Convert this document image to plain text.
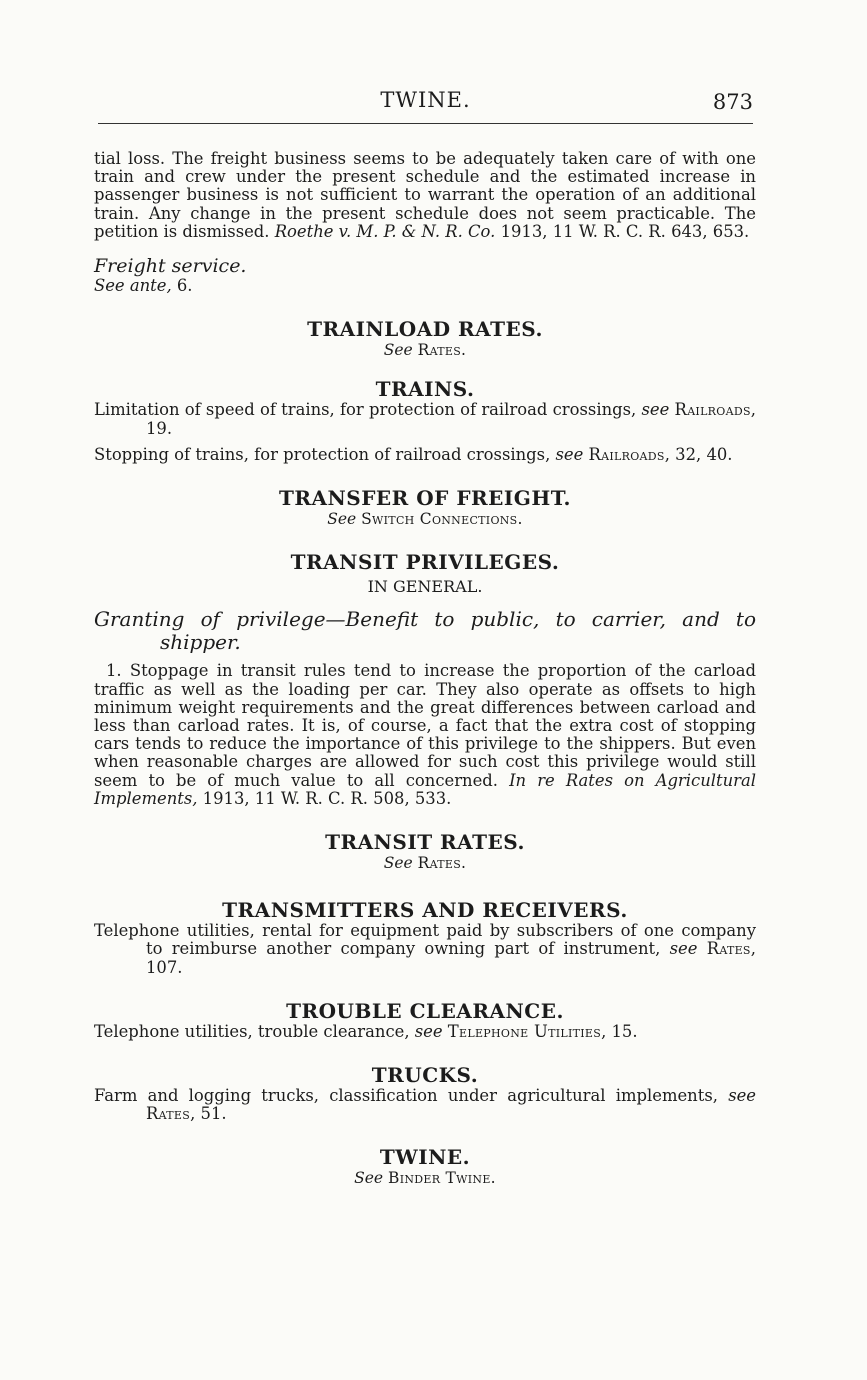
TWINE.	873

tial loss. The freight business seems to be adequately taken care of with one train and crew under the present schedule and the estimated increase in passenger business is not sufficient to warrant the operation of an additional train. Any change in the present schedule does not seem practicable. The petition is dismissed. Roethe v. M. P. & N. R. Co. 1913, 11 W. R. C. R. 643, 653.

Freight service.
See ante, 6.
TRAINLOAD RATES.
See Rates.
TRAINS.

Limitation of speed of trains, for protection of railroad crossings, see Railroads, 19.

Stopping of trains, for protection of railroad crossings, see Railroads, 32, 40.

TRANSFER OF FREIGHT.
See Switch Connections.
TRANSIT PRIVILEGES.
IN GENERAL.
Granting of privilege—Benefit to public, to carrier, and to shipper.

1. Stoppage in transit rules tend to increase the proportion of the carload traffic as well as the loading per car. They also operate as offsets to high minimum weight requirements and the great differences between carload and less than carload rates. It is, of course, a fact that the extra cost of stopping cars tends to reduce the importance of this privilege to the shippers. But even when reasonable charges are allowed for such cost this privilege would still seem to be of much value to all concerned. In re Rates on Agricultural Implements, 1913, 11 W. R. C. R. 508, 533.

TRANSIT RATES.
See Rates.
TRANSMITTERS AND RECEIVERS.

Telephone utilities, rental for equipment paid by subscribers of one company to reimburse another company owning part of instrument, see Rates, 107.

TROUBLE CLEARANCE.

Telephone utilities, trouble clearance, see Telephone Utilities, 15.

TRUCKS.

Farm and logging trucks, classification under agricultural implements, see Rates, 51.

TWINE.
See Binder Twine.
